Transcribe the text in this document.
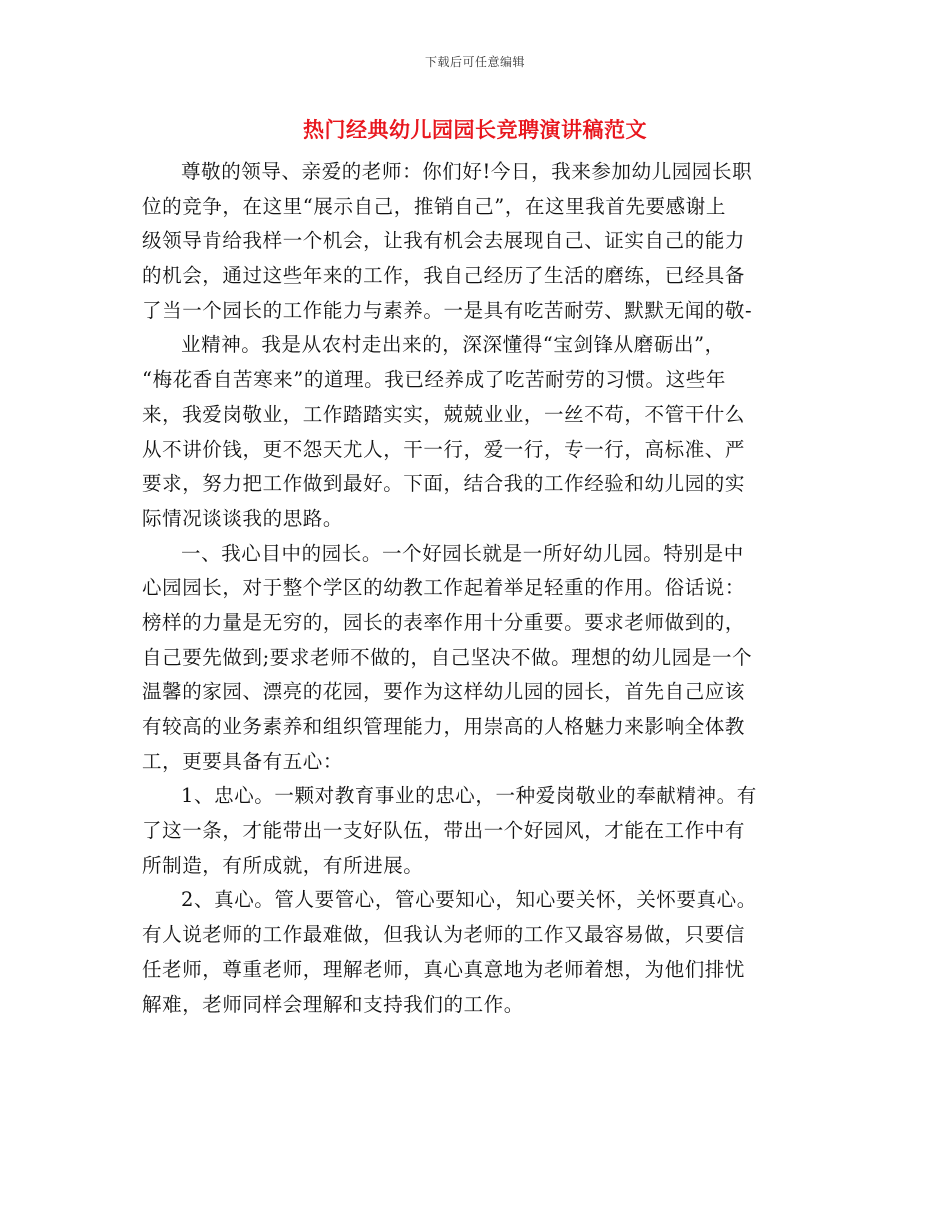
下载后可任意编辑
热门经典幼儿园园长竞聘演讲稿范文
尊敬的领导、亲爱的老师：你们好!今日，我来参加幼儿园园长职
位的竞争，在这里“展示自己，推销自己”，在这里我首先要感谢上
级领导肯给我样一个机会，让我有机会去展现自己、证实自己的能力
的机会，通过这些年来的工作，我自己经历了生活的磨练，已经具备
了当一个园长的工作能力与素养。一是具有吃苦耐劳、默默无闻的敬-
业精神。我是从农村走出来的，深深懂得“宝剑锋从磨砺出”，
“梅花香自苦寒来”的道理。我已经养成了吃苦耐劳的习惯。这些年
来，我爱岗敬业，工作踏踏实实，兢兢业业，一丝不苟，不管干什么
从不讲价钱，更不怨天尤人，干一行，爱一行，专一行，高标准、严
要求，努力把工作做到最好。下面，结合我的工作经验和幼儿园的实
际情况谈谈我的思路。
一、我心目中的园长。一个好园长就是一所好幼儿园。特别是中
心园园长，对于整个学区的幼教工作起着举足轻重的作用。俗话说：
榜样的力量是无穷的，园长的表率作用十分重要。要求老师做到的，
自己要先做到;要求老师不做的，自己坚决不做。理想的幼儿园是一个
温馨的家园、漂亮的花园，要作为这样幼儿园的园长，首先自己应该
有较高的业务素养和组织管理能力，用崇高的人格魅力来影响全体教
工，更要具备有五心：
1、忠心。一颗对教育事业的忠心，一种爱岗敬业的奉献精神。有
了这一条，才能带出一支好队伍，带出一个好园风，才能在工作中有
所制造，有所成就，有所进展。
2、真心。管人要管心，管心要知心，知心要关怀，关怀要真心。
有人说老师的工作最难做，但我认为老师的工作又最容易做，只要信
任老师，尊重老师，理解老师，真心真意地为老师着想，为他们排忧
解难，老师同样会理解和支持我们的工作。
